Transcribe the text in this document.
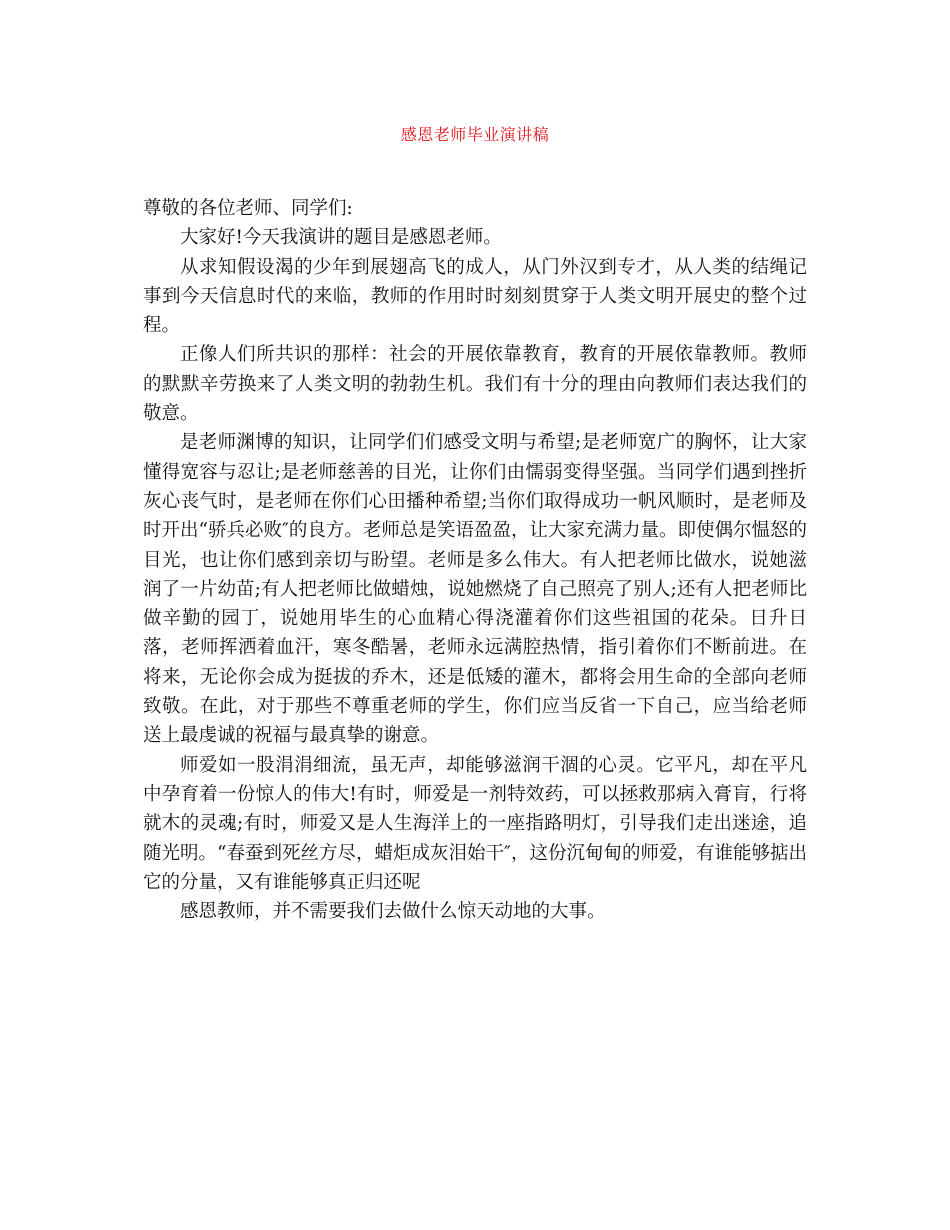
感恩老师毕业演讲稿

尊敬的各位老师、同学们:

大家好!今天我演讲的题目是感恩老师。

从求知假设渴的少年到展翅高飞的成人，从门外汉到专才，从人类的结绳记事到今天信息时代的来临，教师的作用时时刻刻贯穿于人类文明开展史的整个过程。

正像人们所共识的那样：社会的开展依靠教育，教育的开展依靠教师。教师的默默辛劳换来了人类文明的勃勃生机。我们有十分的理由向教师们表达我们的敬意。

是老师渊博的知识，让同学们们感受文明与希望;是老师宽广的胸怀，让大家懂得宽容与忍让;是老师慈善的目光，让你们由懦弱变得坚强。当同学们遇到挫折灰心丧气时，是老师在你们心田播种希望;当你们取得成功一帆风顺时，是老师及时开出“骄兵必败″的良方。老师总是笑语盈盈，让大家充满力量。即使偶尔愠怒的目光，也让你们感到亲切与盼望。老师是多么伟大。有人把老师比做水，说她滋润了一片幼苗;有人把老师比做蜡烛，说她燃烧了自己照亮了别人;还有人把老师比做辛勤的园丁，说她用毕生的心血精心得浇灌着你们这些祖国的花朵。日升日落，老师挥洒着血汗，寒冬酷暑，老师永远满腔热情，指引着你们不断前进。在将来，无论你会成为挺拔的乔木，还是低矮的灌木，都将会用生命的全部向老师致敬。在此，对于那些不尊重老师的学生，你们应当反省一下自己，应当给老师送上最虔诚的祝福与最真挚的谢意。

师爱如一股涓涓细流，虽无声，却能够滋润干涸的心灵。它平凡，却在平凡中孕育着一份惊人的伟大!有时，师爱是一剂特效药，可以拯救那病入膏肓，行将就木的灵魂;有时，师爱又是人生海洋上的一座指路明灯，引导我们走出迷途，追随光明。“春蚕到死丝方尽，蜡炬成灰泪始干″，这份沉甸甸的师爱，有谁能够掂出它的分量，又有谁能够真正归还呢

感恩教师，并不需要我们去做什么惊天动地的大事。
